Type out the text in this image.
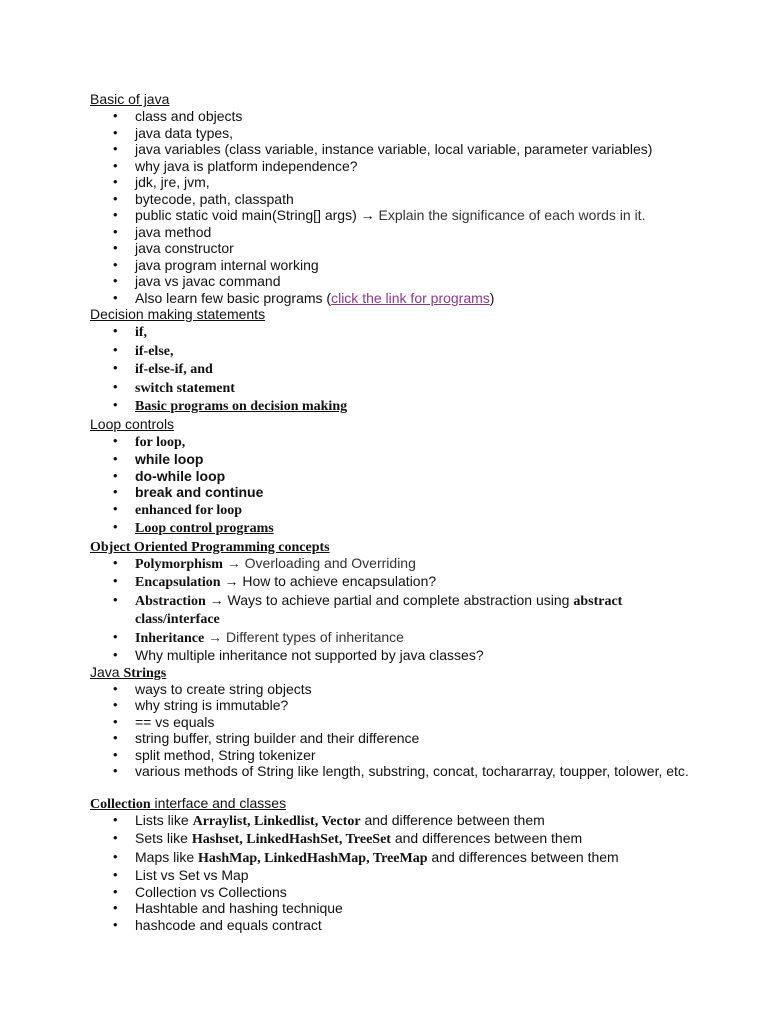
Basic of java
• class and objects
• java data types,
• java variables (class variable, instance variable, local variable, parameter variables)
• why java is platform independence?
• jdk, jre, jvm,
• bytecode, path, classpath
• public static void main(String[] args) → Explain the significance of each words in it.
• java method
• java constructor
• java program internal working
• java vs javac command
• Also learn few basic programs (click the link for programs)
Decision making statements
• if,
• if-else,
• if-else-if, and
• switch statement
• Basic programs on decision making
Loop controls
• for loop,
• while loop
• do-while loop
• break and continue
• enhanced for loop
• Loop control programs
Object Oriented Programming concepts
• Polymorphism → Overloading and Overriding
• Encapsulation → How to achieve encapsulation?
• Abstraction → Ways to achieve partial and complete abstraction using abstract class/interface
• Inheritance → Different types of inheritance
• Why multiple inheritance not supported by java classes?
Java Strings
• ways to create string objects
• why string is immutable?
• == vs equals
• string buffer, string builder and their difference
• split method, String tokenizer
• various methods of String like length, substring, concat, tochararray, toupper, tolower, etc.
Collection interface and classes
• Lists like Arraylist, Linkedlist, Vector and difference between them
• Sets like Hashset, LinkedHashSet, TreeSet and differences between them
• Maps like HashMap, LinkedHashMap, TreeMap and differences between them
• List vs Set vs Map
• Collection vs Collections
• Hashtable and hashing technique
• hashcode and equals contract
